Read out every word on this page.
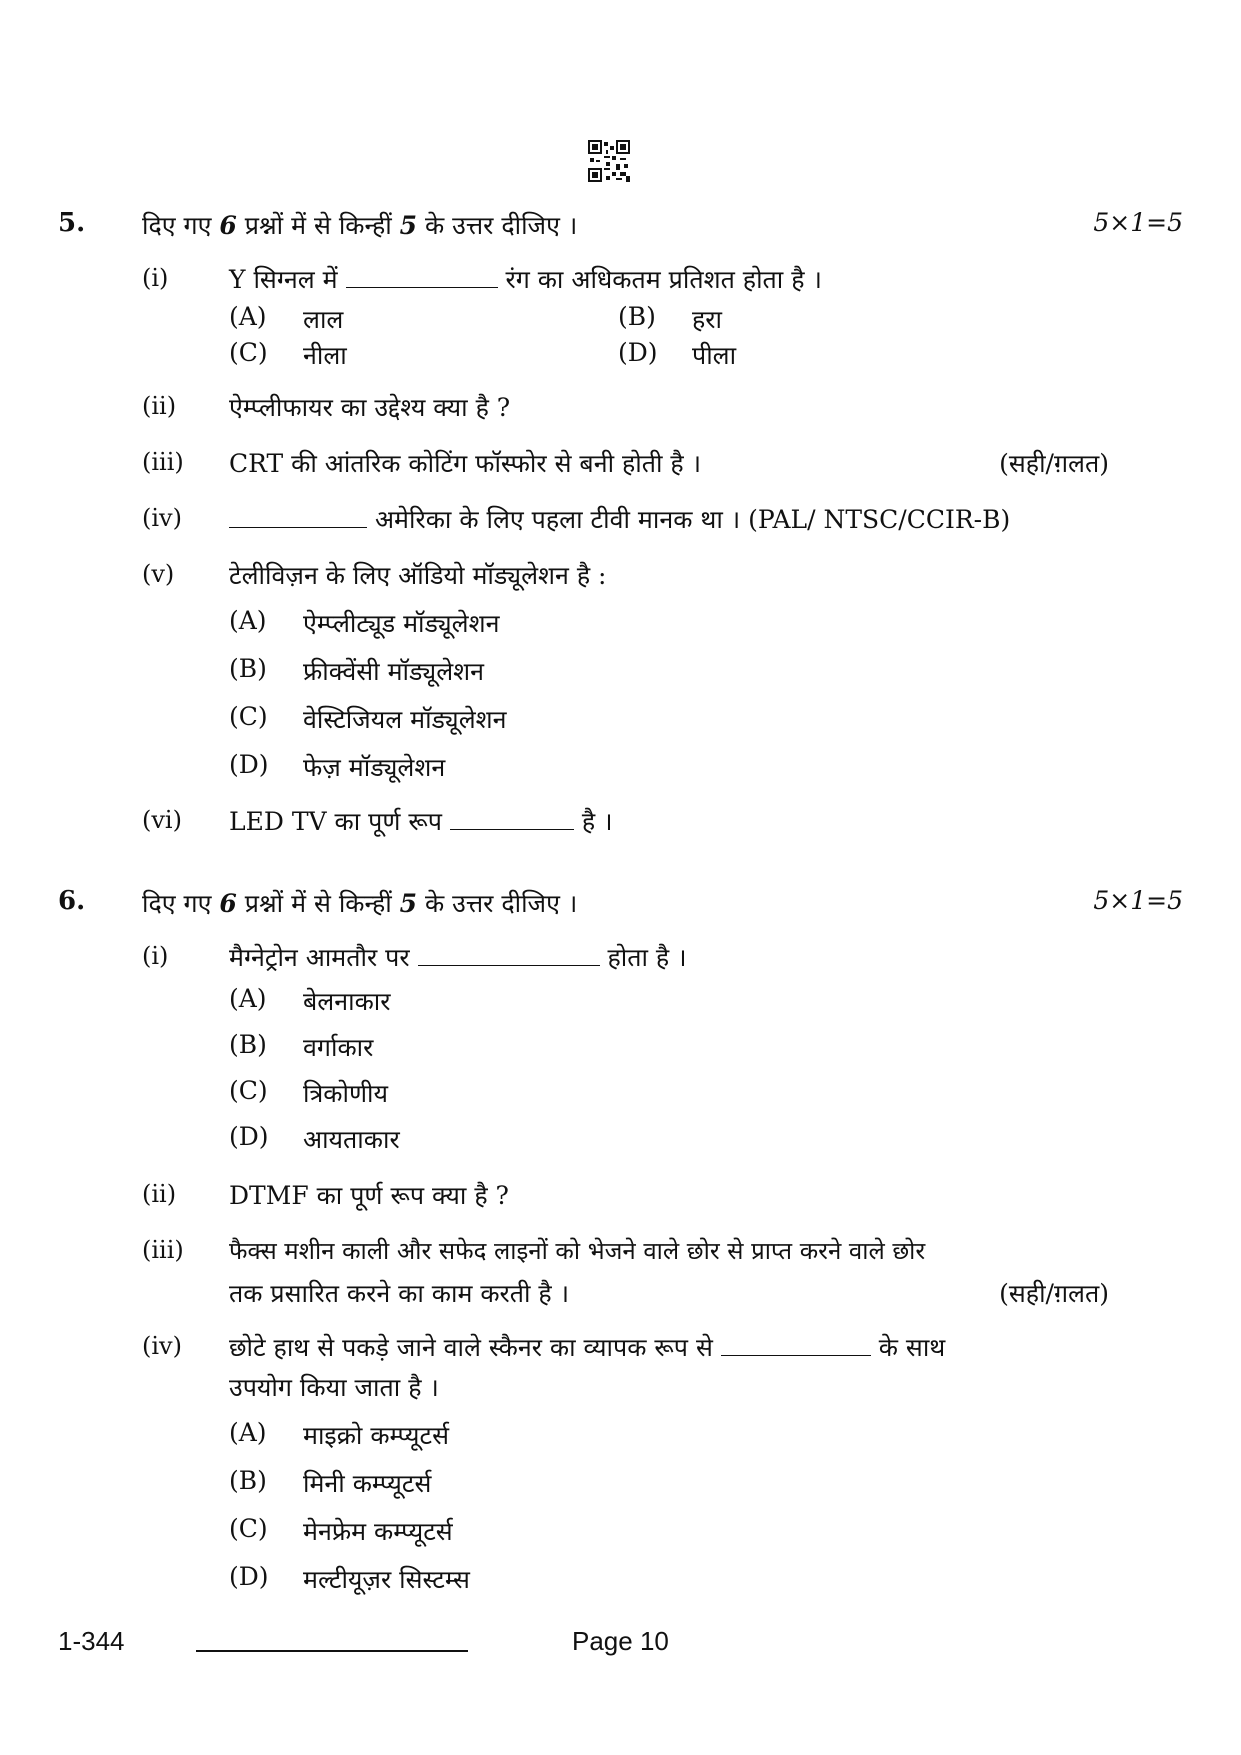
5. दिए गए 6 प्रश्नों में से किन्हीं 5 के उत्तर दीजिए ।	5×1=5
(i) Y सिग्नल में	रंग का अधिकतम प्रतिशत होता है ।
(A) लाल	(B) हरा
(C) नीला	(D) पीला
(ii) ऐम्प्लीफायर का उद्देश्य क्या है ?
(iii) CRT की आंतरिक कोटिंग फॉस्फोर से बनी होती है ।	(सही/ग़लत)
(iv)	अमेरिका के लिए पहला टीवी मानक था । (PAL/ NTSC/CCIR-B)
(v) टेलीविज़न के लिए ऑडियो मॉड्यूलेशन है :
(A) ऐम्प्लीट्यूड मॉड्यूलेशन
(B) फ्रीक्वेंसी मॉड्यूलेशन
(C) वेस्टिजियल मॉड्यूलेशन
(D) फेज़ मॉड्यूलेशन
(vi) LED TV का पूर्ण रूप	है ।
6. दिए गए 6 प्रश्नों में से किन्हीं 5 के उत्तर दीजिए ।	5×1=5
(i) मैग्नेट्रोन आमतौर पर	होता है ।
(A) बेलनाकार
(B) वर्गाकार
(C) त्रिकोणीय
(D) आयताकार
(ii) DTMF का पूर्ण रूप क्या है ?
(iii) फैक्स मशीन काली और सफेद लाइनों को भेजने वाले छोर से प्राप्त करने वाले छोर
तक प्रसारित करने का काम करती है ।	(सही/ग़लत)
(iv) छोटे हाथ से पकड़े जाने वाले स्कैनर का व्यापक रूप से	के साथ
उपयोग किया जाता है ।
(A) माइक्रो कम्प्यूटर्स
(B) मिनी कम्प्यूटर्स
(C) मेनफ्रेम कम्प्यूटर्स
(D) मल्टीयूज़र सिस्टम्स
1-344	Page 10
